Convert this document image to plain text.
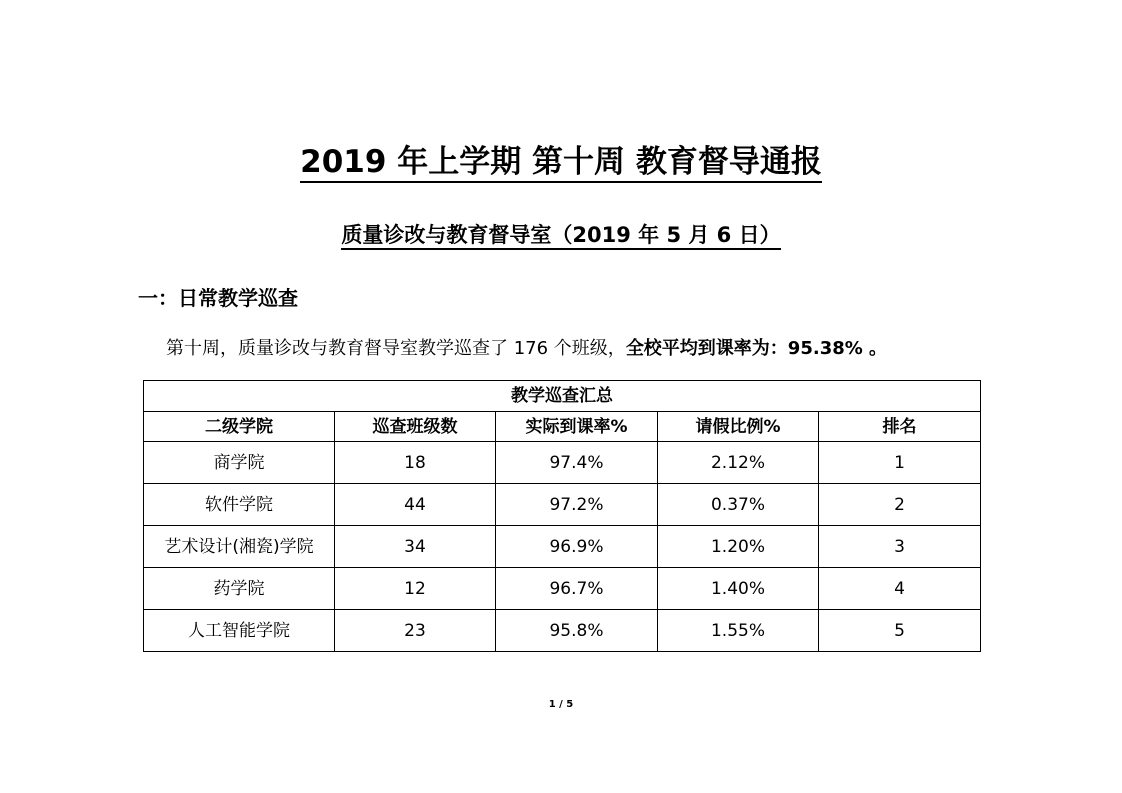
2019 年上学期 第十周 教育督导通报
质量诊改与教育督导室（2019 年 5 月 6 日）
一：日常教学巡查
第十周，质量诊改与教育督导室教学巡查了 176 个班级，全校平均到课率为：95.38% 。
教学巡查汇总				
二级学院	巡查班级数	实际到课率%	请假比例%	排名
商学院	18	97.4%	2.12%	1
软件学院	44	97.2%	0.37%	2
艺术设计(湘瓷)学院	34	96.9%	1.20%	3
药学院	12	96.7%	1.40%	4
人工智能学院	23	95.8%	1.55%	5
1 / 5
